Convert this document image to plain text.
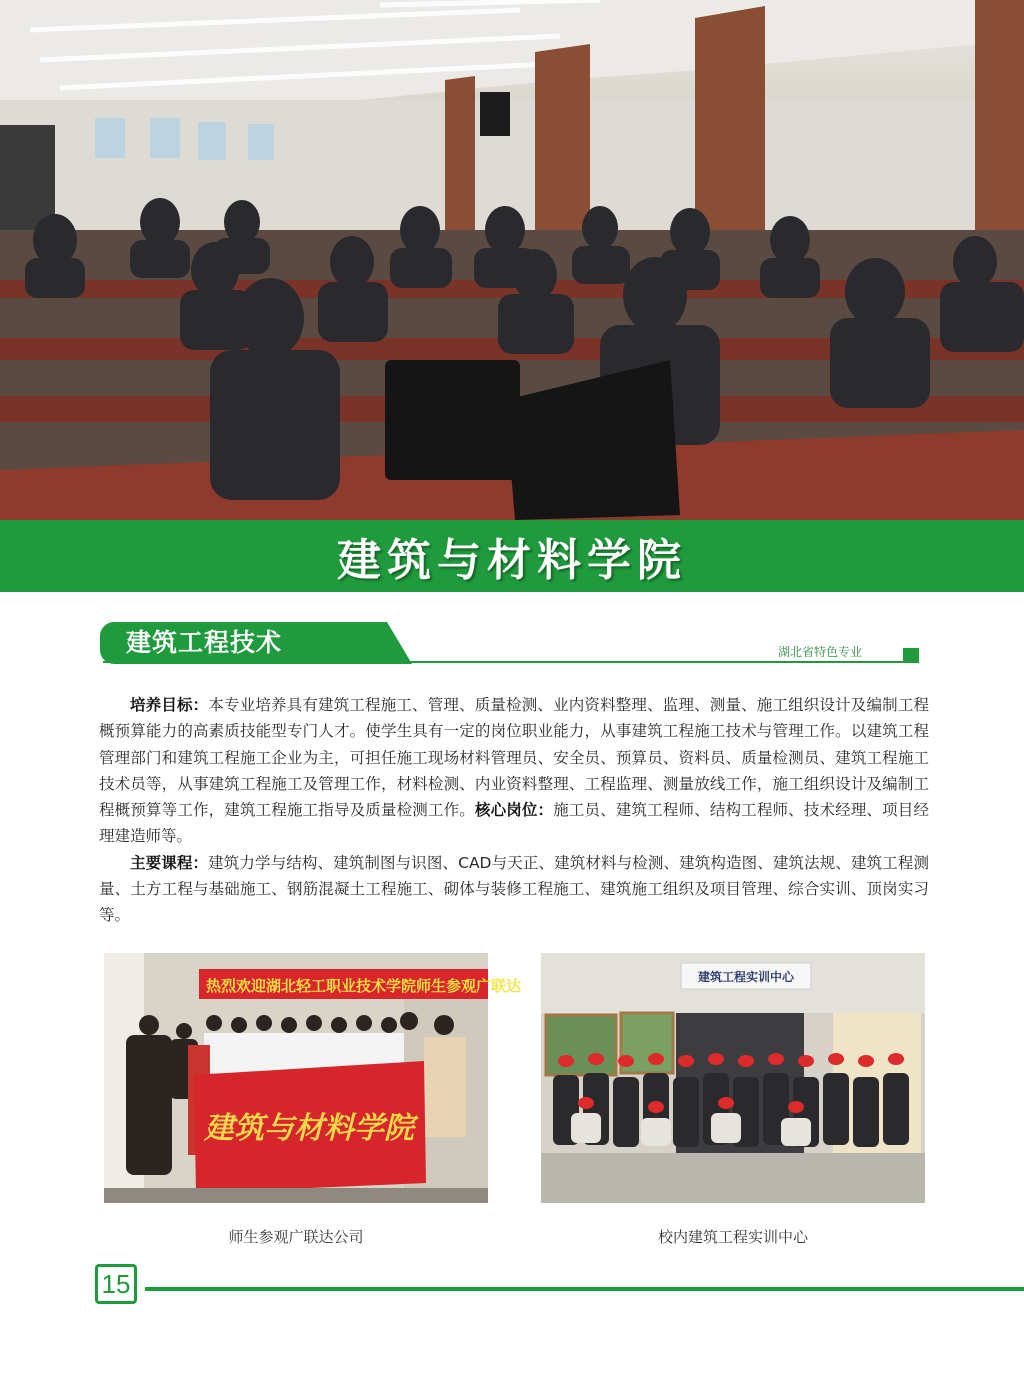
建筑与材料学院
建筑工程技术	湖北省特色专业

培养目标：本专业培养具有建筑工程施工、管理、质量检测、业内资料整理、监理、测量、施工组织设计及编制工程概预算能力的高素质技能型专门人才。使学生具有一定的岗位职业能力，从事建筑工程施工技术与管理工作。以建筑工程管理部门和建筑工程施工企业为主，可担任施工现场材料管理员、安全员、预算员、资料员、质量检测员、建筑工程施工技术员等，从事建筑工程施工及管理工作，材料检测、内业资料整理、工程监理、测量放线工作，施工组织设计及编制工程概预算等工作，建筑工程施工指导及质量检测工作。核心岗位：施工员、建筑工程师、结构工程师、技术经理、项目经理建造师等。

主要课程：建筑力学与结构、建筑制图与识图、CAD与天正、建筑材料与检测、建筑构造图、建筑法规、建筑工程测量、土方工程与基础施工、钢筋混凝土工程施工、砌体与装修工程施工、建筑施工组织及项目管理、综合实训、顶岗实习等。

热烈欢迎湖北轻工职业技术学院师生参观广联达
建筑与材料学院
建筑工程实训中心
师生参观广联达公司	校内建筑工程实训中心
15
